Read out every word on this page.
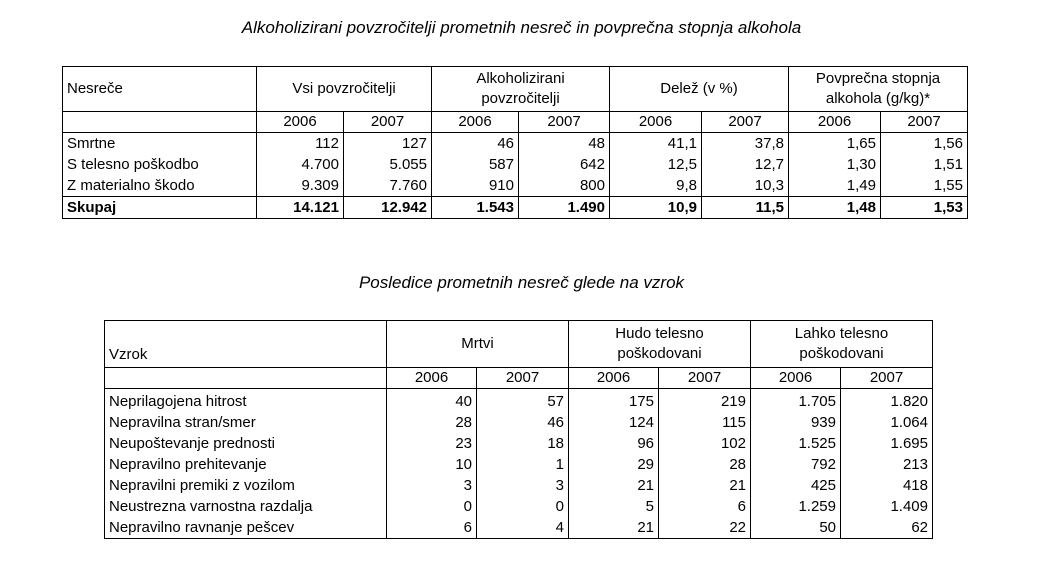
Alkoholizirani povzročitelji prometnih nesreč in povprečna stopnja alkohola
Nesreče	Vsi povzročitelji		Alkoholizirani povzročitelji		Delež (v %)		Povprečna stopnja alkohola (g/kg)*	
	2006	2007	2006	2007	2006	2007	2006	2007
Smrtne	112	127	46	48	41,1	37,8	1,65	1,56
S telesno poškodbo	4.700	5.055	587	642	12,5	12,7	1,30	1,51
Z materialno škodo	9.309	7.760	910	800	9,8	10,3	1,49	1,55
Skupaj	14.121	12.942	1.543	1.490	10,9	11,5	1,48	1,53
Posledice prometnih nesreč glede na vzrok
Vzrok	Mrtvi		Hudo telesno poškodovani		Lahko telesno poškodovani	
	2006	2007	2006	2007	2006	2007
Neprilagojena hitrost	40	57	175	219	1.705	1.820
Nepravilna stran/smer	28	46	124	115	939	1.064
Neupoštevanje prednosti	23	18	96	102	1.525	1.695
Nepravilno prehitevanje	10	1	29	28	792	213
Nepravilni premiki z vozilom	3	3	21	21	425	418
Neustrezna varnostna razdalja	0	0	5	6	1.259	1.409
Nepravilno ravnanje pešcev	6	4	21	22	50	62
